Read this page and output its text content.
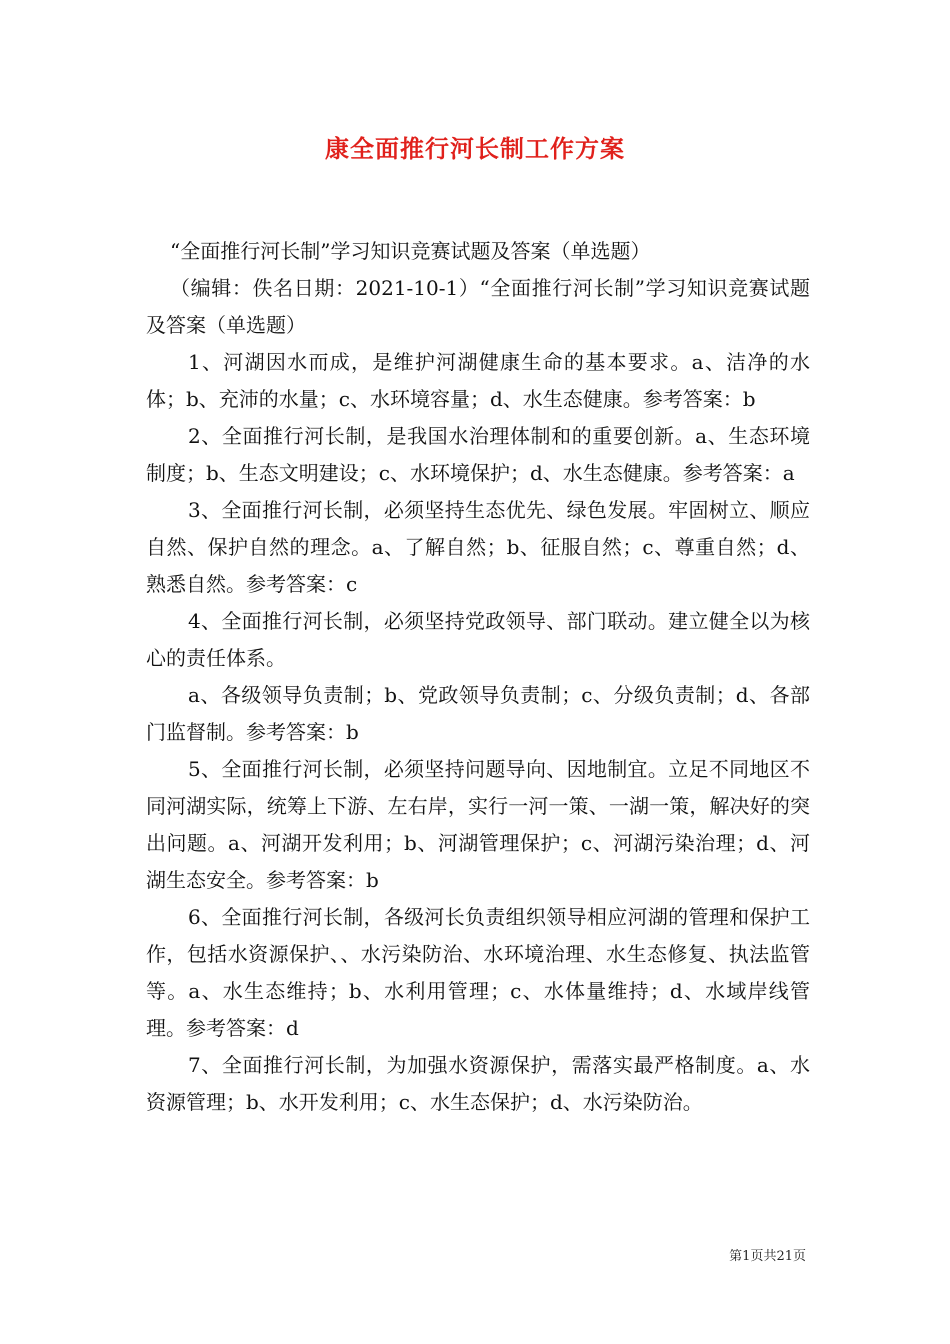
康全面推行河长制工作方案

“全面推行河长制”学习知识竞赛试题及答案（单选题）

（编辑：佚名日期：2021-10-1）“全面推行河长制”学习知识竞赛试题及答案（单选题）

1、河湖因水而成，是维护河湖健康生命的基本要求。a、洁净的水体；b、充沛的水量；c、水环境容量；d、水生态健康。参考答案：b

2、全面推行河长制，是我国水治理体制和的重要创新。a、生态环境制度；b、生态文明建设；c、水环境保护；d、水生态健康。参考答案：a

3、全面推行河长制，必须坚持生态优先、绿色发展。牢固树立、顺应自然、保护自然的理念。a、了解自然；b、征服自然；c、尊重自然；d、熟悉自然。参考答案：c

4、全面推行河长制，必须坚持党政领导、部门联动。建立健全以为核心的责任体系。

a、各级领导负责制；b、党政领导负责制；c、分级负责制；d、各部门监督制。参考答案：b

5、全面推行河长制，必须坚持问题导向、因地制宜。立足不同地区不同河湖实际，统筹上下游、左右岸，实行一河一策、一湖一策，解决好的突出问题。a、河湖开发利用；b、河湖管理保护；c、河湖污染治理；d、河湖生态安全。参考答案：b

6、全面推行河长制，各级河长负责组织领导相应河湖的管理和保护工作，包括水资源保护、、水污染防治、水环境治理、水生态修复、执法监管等。a、水生态维持；b、水利用管理；c、水体量维持；d、水域岸线管理。参考答案：d

7、全面推行河长制，为加强水资源保护，需落实最严格制度。a、水资源管理；b、水开发利用；c、水生态保护；d、水污染防治。

第1页共21页
